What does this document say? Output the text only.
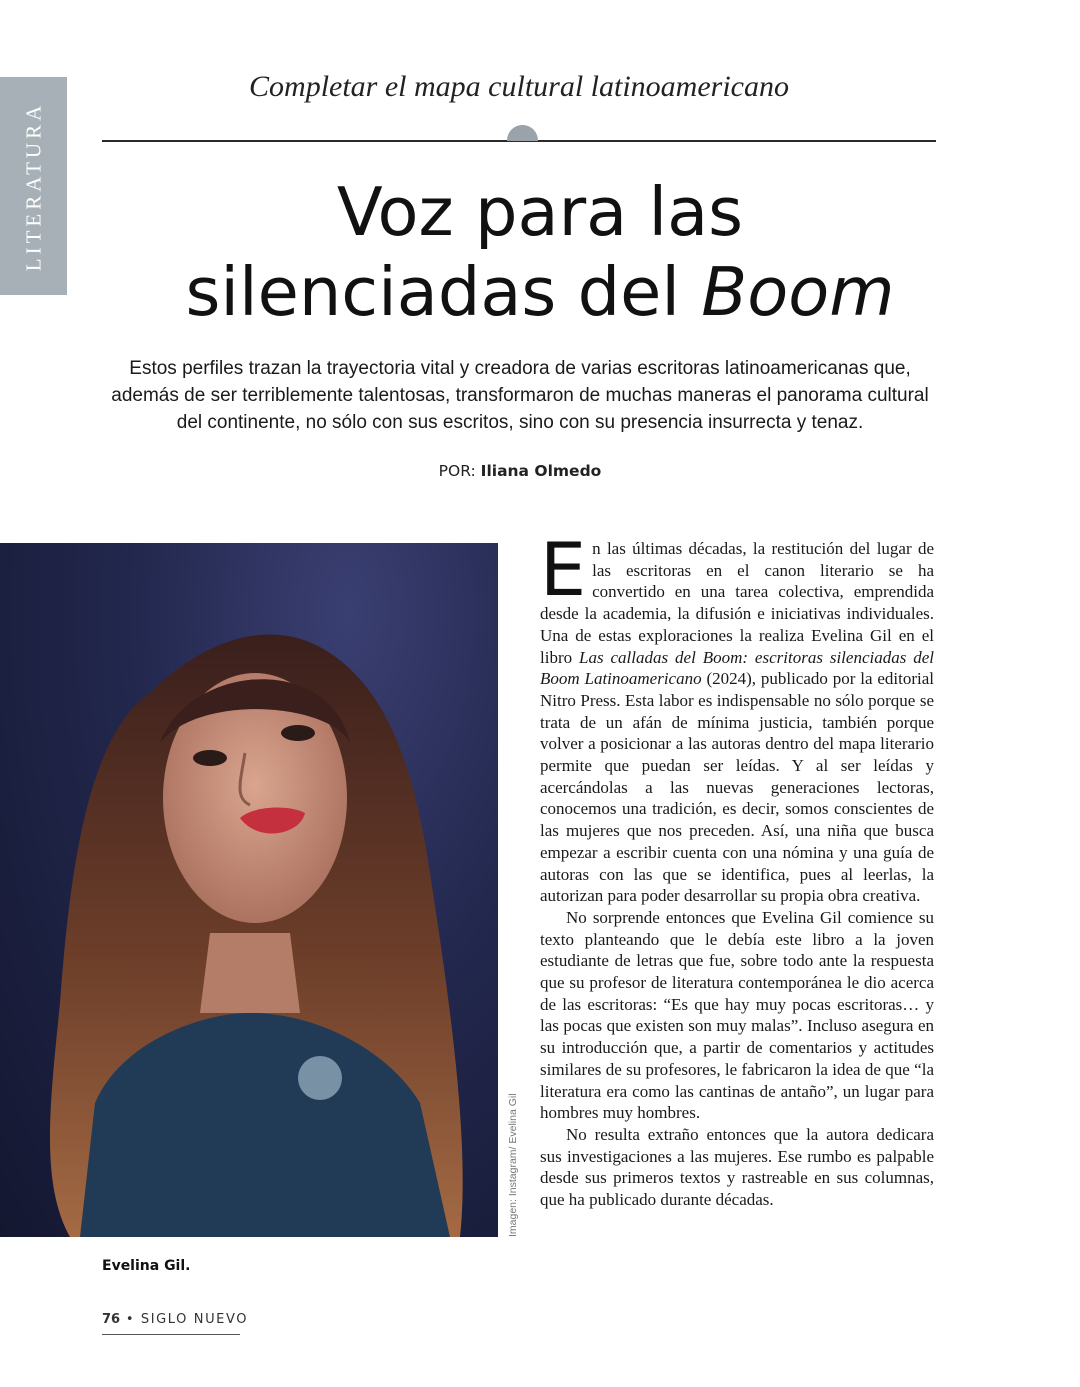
LITERATURA
Completar el mapa cultural latinoamericano
Voz para las
silenciadas del Boom

Estos perfiles trazan la trayectoria vital y creadora de varias escritoras latinoamericanas que, además de ser terriblemente talentosas, transformaron de muchas maneras el panorama cultural del continente, no sólo con sus escritos, sino con su presencia insurrecta y tenaz.

POR: Iliana Olmedo
Imagen: Instagram/ Evelina Gil
Evelina Gil.

En las últimas décadas, la restitución del lugar de las escritoras en el canon literario se ha convertido en una tarea colectiva, emprendida desde la academia, la difusión e iniciativas individuales. Una de estas exploraciones la realiza Evelina Gil en el libro Las calladas del Boom: escritoras silenciadas del Boom Latinoamericano (2024), publicado por la editorial Nitro Press. Esta labor es indispensable no sólo porque se trata de un afán de mínima justicia, también porque volver a posicionar a las autoras dentro del mapa literario permite que puedan ser leídas. Y al ser leídas y acercándolas a las nuevas generaciones lectoras, conocemos una tradición, es decir, somos conscientes de las mujeres que nos preceden. Así, una niña que busca empezar a escribir cuenta con una nómina y una guía de autoras con las que se identifica, pues al leerlas, la autorizan para poder desarrollar su propia obra creativa.

No sorprende entonces que Evelina Gil comience su texto planteando que le debía este libro a la joven estudiante de letras que fue, sobre todo ante la respuesta que su profesor de literatura contemporánea le dio acerca de las escritoras: “Es que hay muy pocas escritoras… y las pocas que existen son muy malas”. Incluso asegura en su introducción que, a partir de comentarios y actitudes similares de su profesores, le fabricaron la idea de que “la literatura era como las cantinas de antaño”, un lugar para hombres muy hombres.

No resulta extraño entonces que la autora dedicara sus investigaciones a las mujeres. Ese rumbo es palpable desde sus primeros textos y rastreable en sus columnas, que ha publicado durante décadas.

76 • SIGLO NUEVO
